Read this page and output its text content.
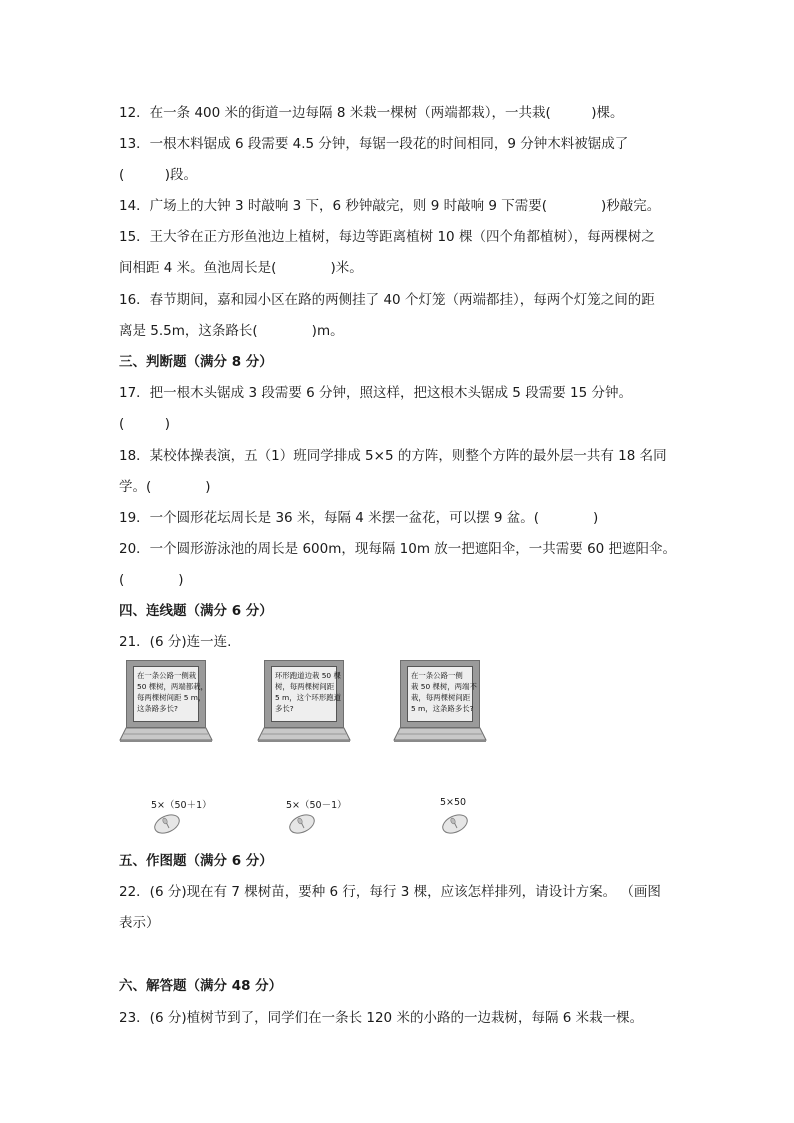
12．在一条 400 米的街道一边每隔 8 米栽一棵树（两端都栽），一共栽(　　　)棵。
13．一根木料锯成 6 段需要 4.5 分钟，每锯一段花的时间相同，9 分钟木料被锯成了
(　　　)段。
14．广场上的大钟 3 时敲响 3 下，6 秒钟敲完，则 9 时敲响 9 下需要(　　　　)秒敲完。
15．王大爷在正方形鱼池边上植树，每边等距离植树 10 棵（四个角都植树），每两棵树之
间相距 4 米。鱼池周长是(　　　　)米。
16．春节期间，嘉和园小区在路的两侧挂了 40 个灯笼（两端都挂），每两个灯笼之间的距
离是 5.5m，这条路长(　　　　)m。
三、判断题（满分 8 分）
17．把一根木头锯成 3 段需要 6 分钟，照这样，把这根木头锯成 5 段需要 15 分钟。
(　　　)
18．某校体操表演，五（1）班同学排成 5×5 的方阵，则整个方阵的最外层一共有 18 名同
学。(　　　　)
19．一个圆形花坛周长是 36 米，每隔 4 米摆一盆花，可以摆 9 盆。(　　　　)
20．一个圆形游泳池的周长是 600m，现每隔 10m 放一把遮阳伞，一共需要 60 把遮阳伞。
(　　　　)
四、连线题（满分 6 分）
21．(6 分)连一连.
在一条公路一侧栽
50 棵树，两端都栽，
每两棵树间距 5 m，
这条路多长?
环形跑道边栽 50 棵
树，每两棵树间距
5 m，这个环形跑道
多长?
在一条公路一侧
栽 50 棵树，两端不
栽，每两棵树间距
5 m，这条路多长?
5×（50＋1）	5×（50－1）	5×50
五、作图题（满分 6 分）
22．(6 分)现在有 7 棵树苗，要种 6 行，每行 3 棵，应该怎样排列，请设计方案。 （画图
表示）
六、解答题（满分 48 分）
23．(6 分)植树节到了，同学们在一条长 120 米的小路的一边栽树，每隔 6 米栽一棵。
